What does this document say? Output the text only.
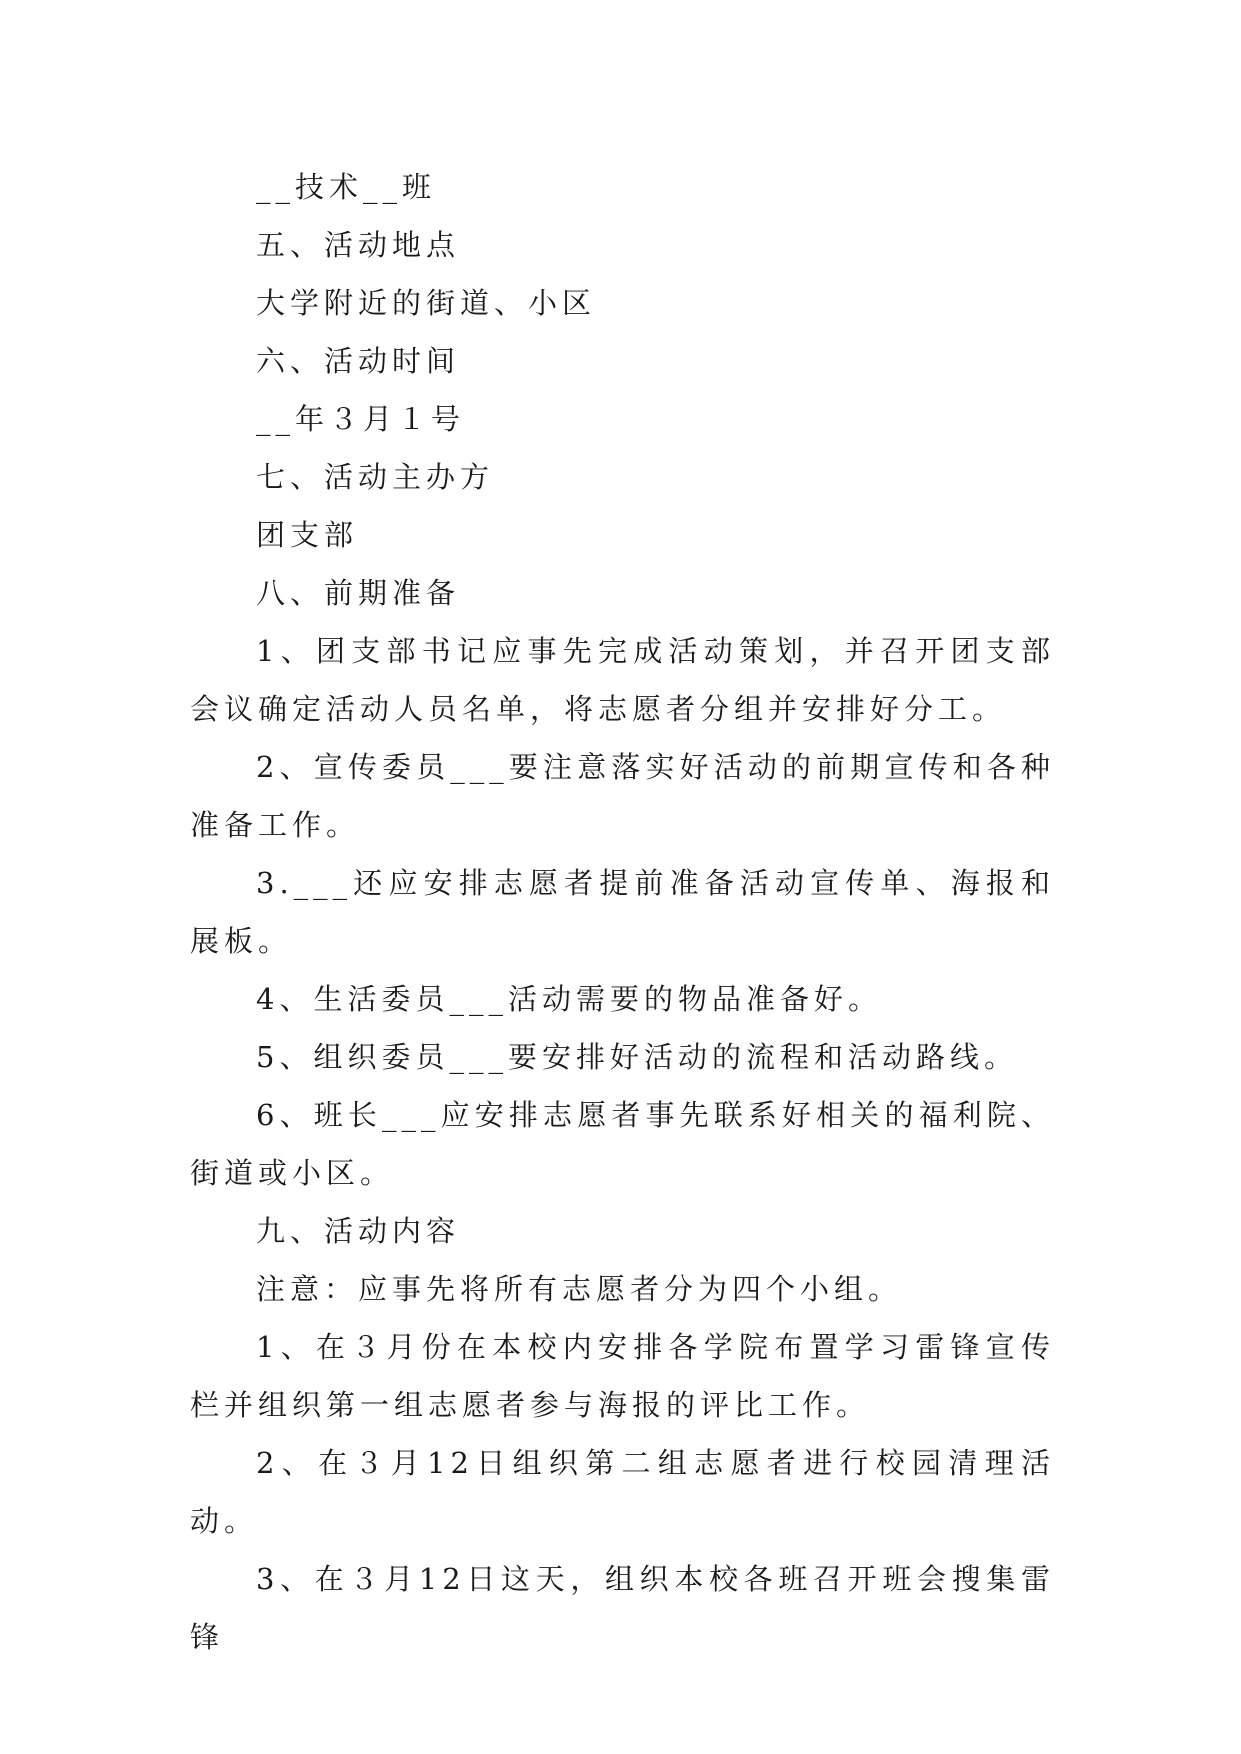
__技术__班
五、活动地点
大学附近的街道、小区
六、活动时间
__年３月１号
七、活动主办方
团支部
八、前期准备
1、团支部书记应事先完成活动策划，并召开团支部会议确定活动人员名单，将志愿者分组并安排好分工。
2、宣传委员___要注意落实好活动的前期宣传和各种准备工作。
3.___还应安排志愿者提前准备活动宣传单、海报和展板。
4、生活委员___活动需要的物品准备好。
5、组织委员___要安排好活动的流程和活动路线。
6、班长___应安排志愿者事先联系好相关的福利院、街道或小区。
九、活动内容
注意：应事先将所有志愿者分为四个小组。
1、在３月份在本校内安排各学院布置学习雷锋宣传栏并组织第一组志愿者参与海报的评比工作。
2、在３月12日组织第二组志愿者进行校园清理活动。
3、在３月12日这天，组织本校各班召开班会搜集雷锋
